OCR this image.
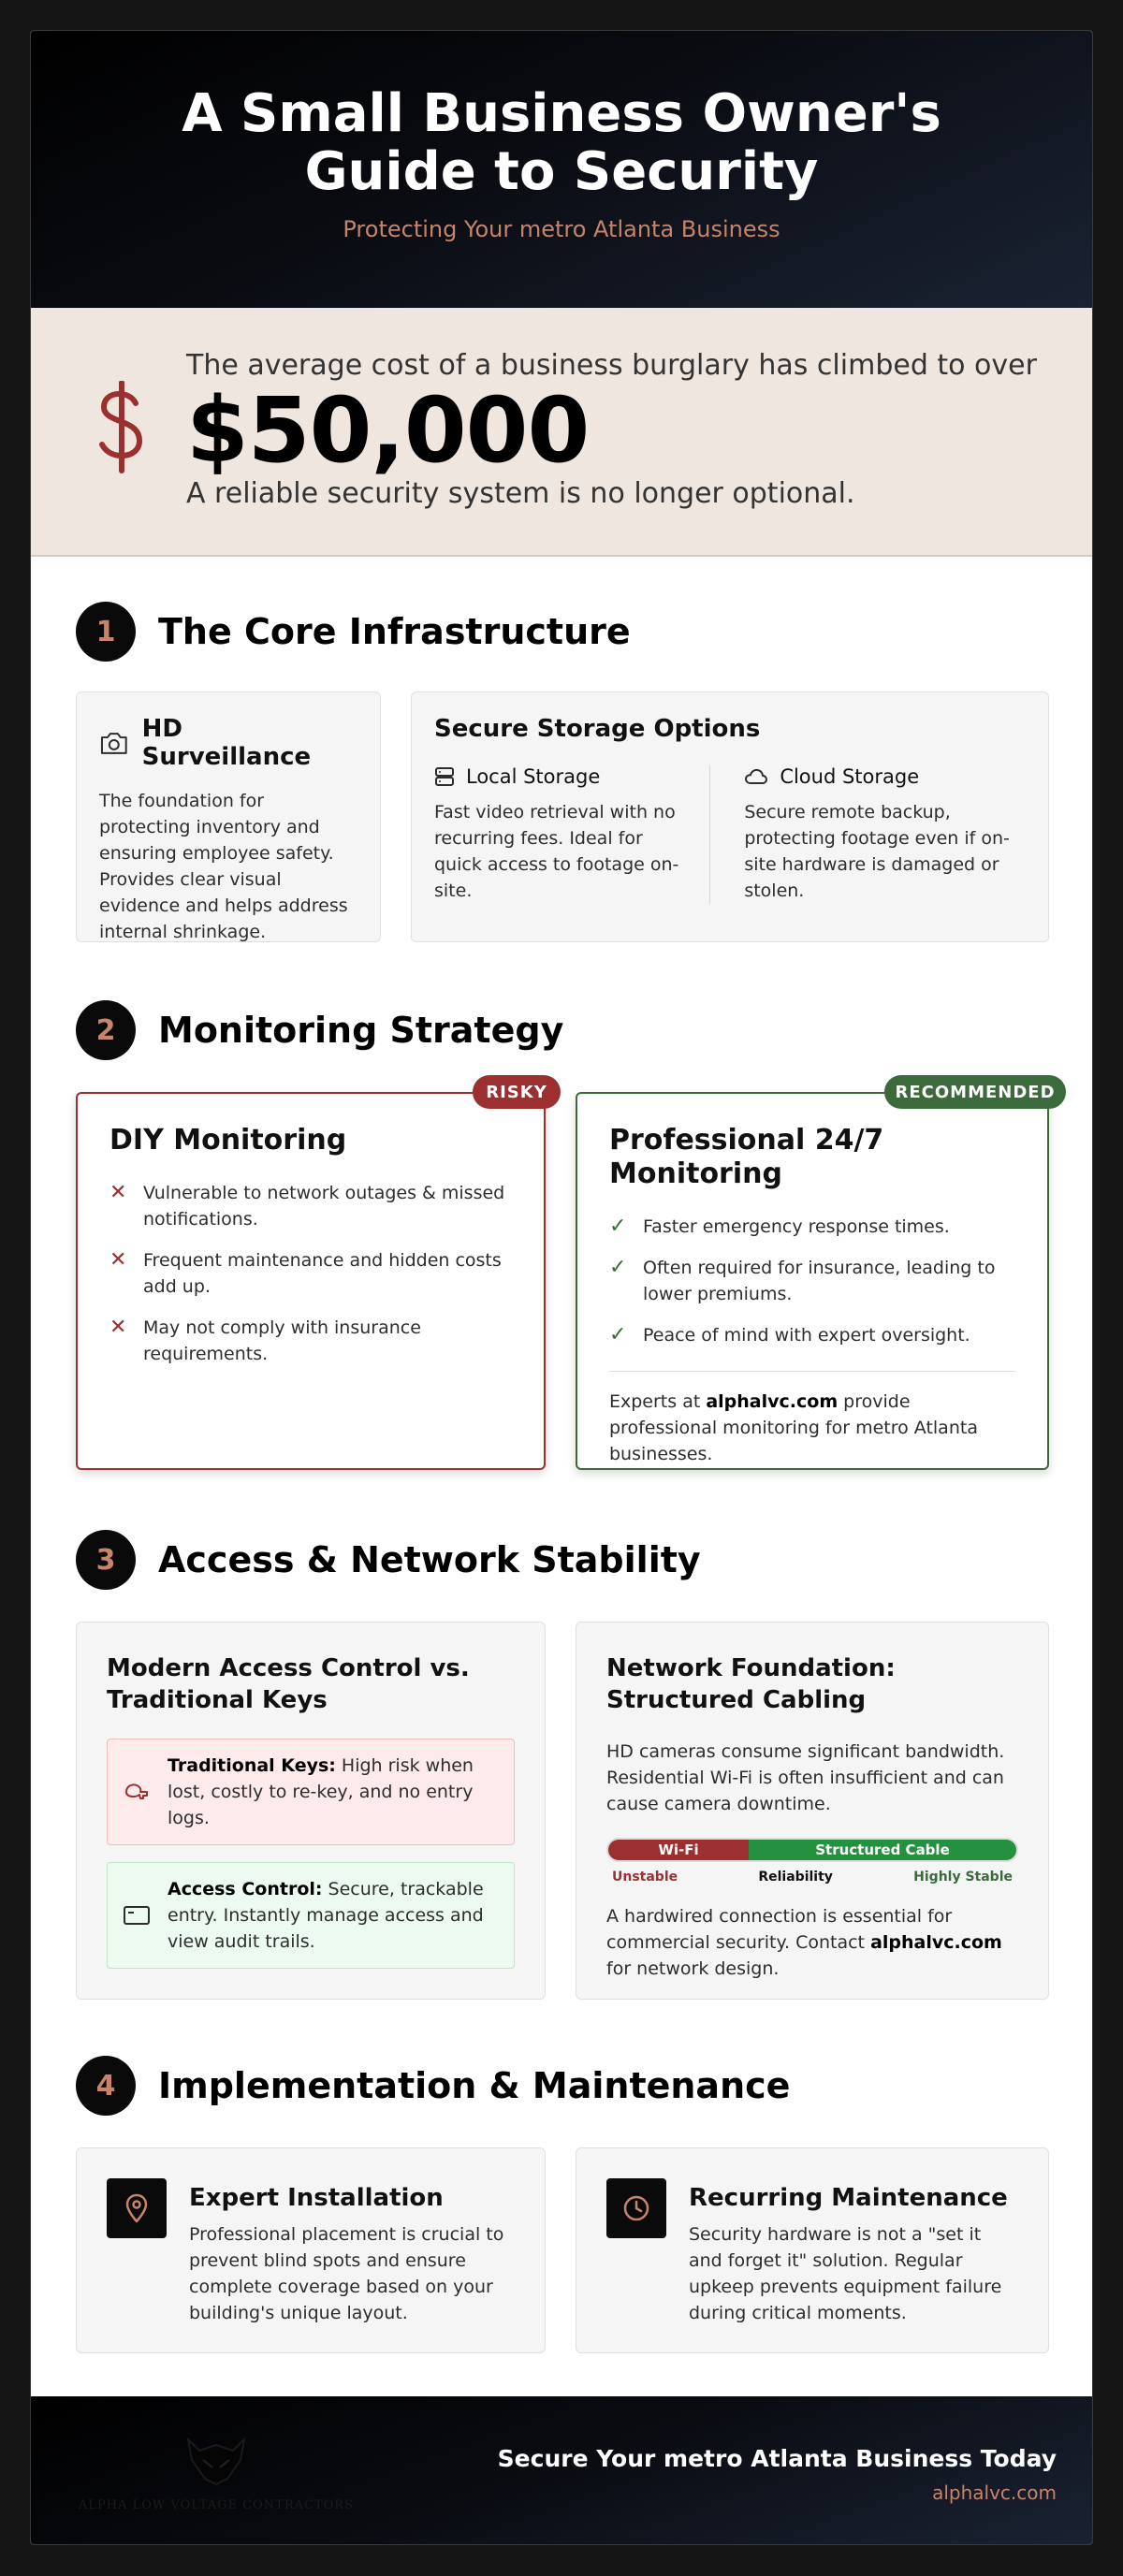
A Small Business Owner's Guide to Security
Protecting Your metro Atlanta Business
The average cost of a business burglary has climbed to over
$50,000
A reliable security system is no longer optional.
1	The Core Infrastructure
HD Surveillance

The foundation for protecting inventory and ensuring employee safety. Provides clear visual evidence and helps address internal shrinkage.

Secure Storage Options
Local Storage

Fast video retrieval with no recurring fees. Ideal for quick access to footage on-site.

Cloud Storage

Secure remote backup, protecting footage even if on-site hardware is damaged or stolen.

2	Monitoring Strategy
RISKY
DIY Monitoring
✕ Vulnerable to network outages & missed notifications.
✕ Frequent maintenance and hidden costs add up.
✕ May not comply with insurance requirements.
RECOMMENDED
Professional 24/7 Monitoring
✓ Faster emergency response times.
✓ Often required for insurance, leading to lower premiums.
✓ Peace of mind with expert oversight.
Experts at alphalvc.com provide professional monitoring for metro Atlanta businesses.
3	Access & Network Stability
Modern Access Control vs. Traditional Keys
Traditional Keys: High risk when lost, costly to re-key, and no entry logs.
Access Control: Secure, trackable entry. Instantly manage access and view audit trails.
Network Foundation: Structured Cabling

HD cameras consume significant bandwidth. Residential Wi-Fi is often insufficient and can cause camera downtime.

Wi-Fi	Structured Cable
Unstable	Reliability	Highly Stable

A hardwired connection is essential for commercial security. Contact alphalvc.com for network design.

4	Implementation & Maintenance
Expert Installation

Professional placement is crucial to prevent blind spots and ensure complete coverage based on your building's unique layout.

Recurring Maintenance

Security hardware is not a "set it and forget it" solution. Regular upkeep prevents equipment failure during critical moments.

ALPHA LOW VOLTAGE CONTRACTORS
Secure Your metro Atlanta Business Today
alphalvc.com
